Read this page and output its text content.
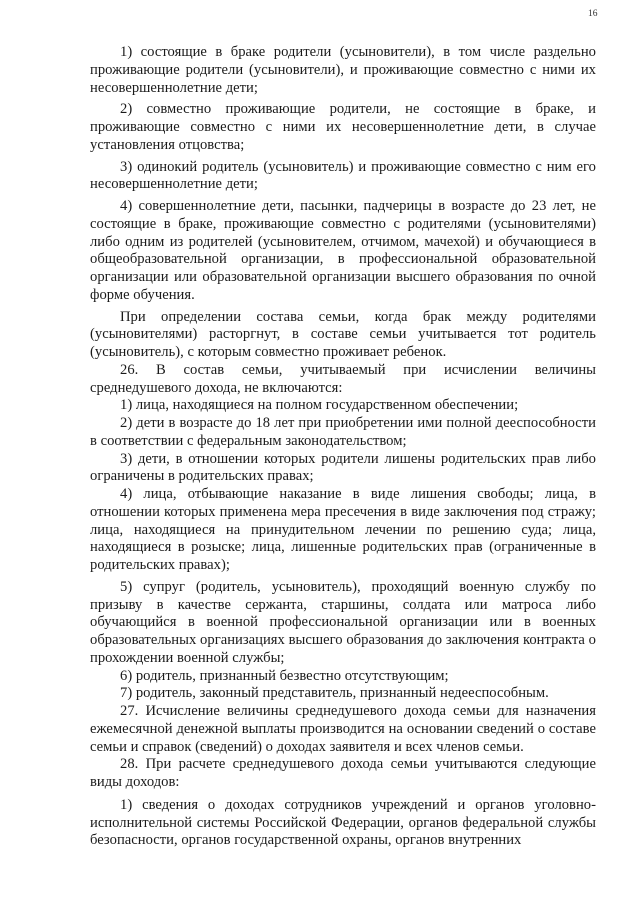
16

1) состоящие в браке родители (усыновители), в том числе раздельно проживающие родители (усыновители), и проживающие совместно с ними их несовершеннолетние дети;

2) совместно проживающие родители, не состоящие в браке, и проживающие совместно с ними их несовершеннолетние дети, в случае установления отцовства;

3) одинокий родитель (усыновитель) и проживающие совместно с ним его несовершеннолетние дети;

4) совершеннолетние дети, пасынки, падчерицы в возрасте до 23 лет, не состоящие в браке, проживающие совместно с родителями (усыновителями) либо одним из родителей (усыновителем, отчимом, мачехой) и обучающиеся в общеобразовательной организации, в профессиональной образовательной организации или образовательной организации высшего образования по очной форме обучения.

При определении состава семьи, когда брак между родителями (усыновителями) расторгнут, в составе семьи учитывается тот родитель (усыновитель), с которым совместно проживает ребенок.

26. В состав семьи, учитываемый при исчислении величины среднедушевого дохода, не включаются:

1) лица, находящиеся на полном государственном обеспечении;

2) дети в возрасте до 18 лет при приобретении ими полной дееспособности в соответствии с федеральным законодательством;

3) дети, в отношении которых родители лишены родительских прав либо ограничены в родительских правах;

4) лица, отбывающие наказание в виде лишения свободы; лица, в отношении которых применена мера пресечения в виде заключения под стражу; лица, находящиеся на принудительном лечении по решению суда; лица, находящиеся в розыске; лица, лишенные родительских прав (ограниченные в родительских правах);

5) супруг (родитель, усыновитель), проходящий военную службу по призыву в качестве сержанта, старшины, солдата или матроса либо обучающийся в военной профессиональной организации или в военных образовательных организациях высшего образования до заключения контракта о прохождении военной службы;

6) родитель, признанный безвестно отсутствующим;

7) родитель, законный представитель, признанный недееспособным.

27. Исчисление величины среднедушевого дохода семьи для назначения ежемесячной денежной выплаты производится на основании сведений о составе семьи и справок (сведений) о доходах заявителя и всех членов семьи.

28. При расчете среднедушевого дохода семьи учитываются следующие виды доходов:

1) сведения о доходах сотрудников учреждений и органов уголовно-исполнительной системы Российской Федерации, органов федеральной службы безопасности, органов государственной охраны, органов внутренних
